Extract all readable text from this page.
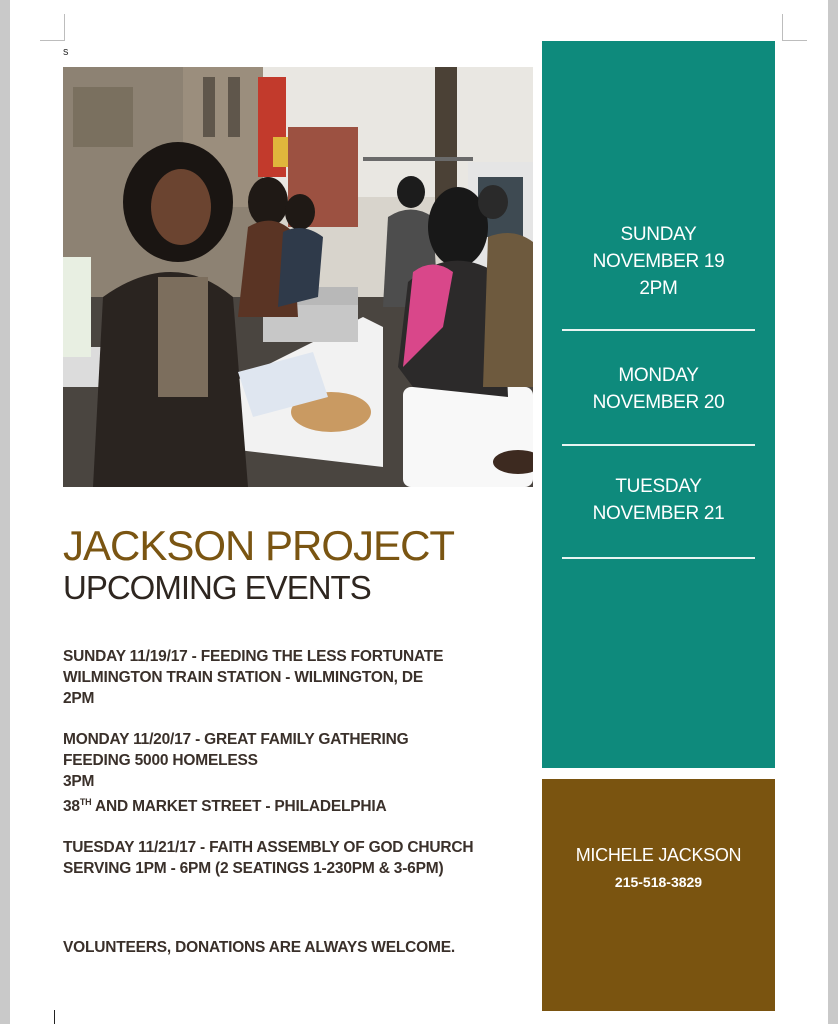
s
JACKSON PROJECT
UPCOMING EVENTS
SUNDAY 11/19/17 - FEEDING THE LESS FORTUNATE
WILMINGTON TRAIN STATION - WILMINGTON, DE
2PM
MONDAY 11/20/17 - GREAT FAMILY GATHERING
FEEDING 5000 HOMELESS
3PM
38TH AND MARKET STREET - PHILADELPHIA
TUESDAY 11/21/17 - FAITH ASSEMBLY OF GOD CHURCH
SERVING 1PM - 6PM (2 SEATINGS 1-230PM & 3-6PM)
VOLUNTEERS, DONATIONS ARE ALWAYS WELCOME.
SUNDAY
NOVEMBER 19
2PM
MONDAY
NOVEMBER 20
TUESDAY
NOVEMBER 21
MICHELE JACKSON
215-518-3829
